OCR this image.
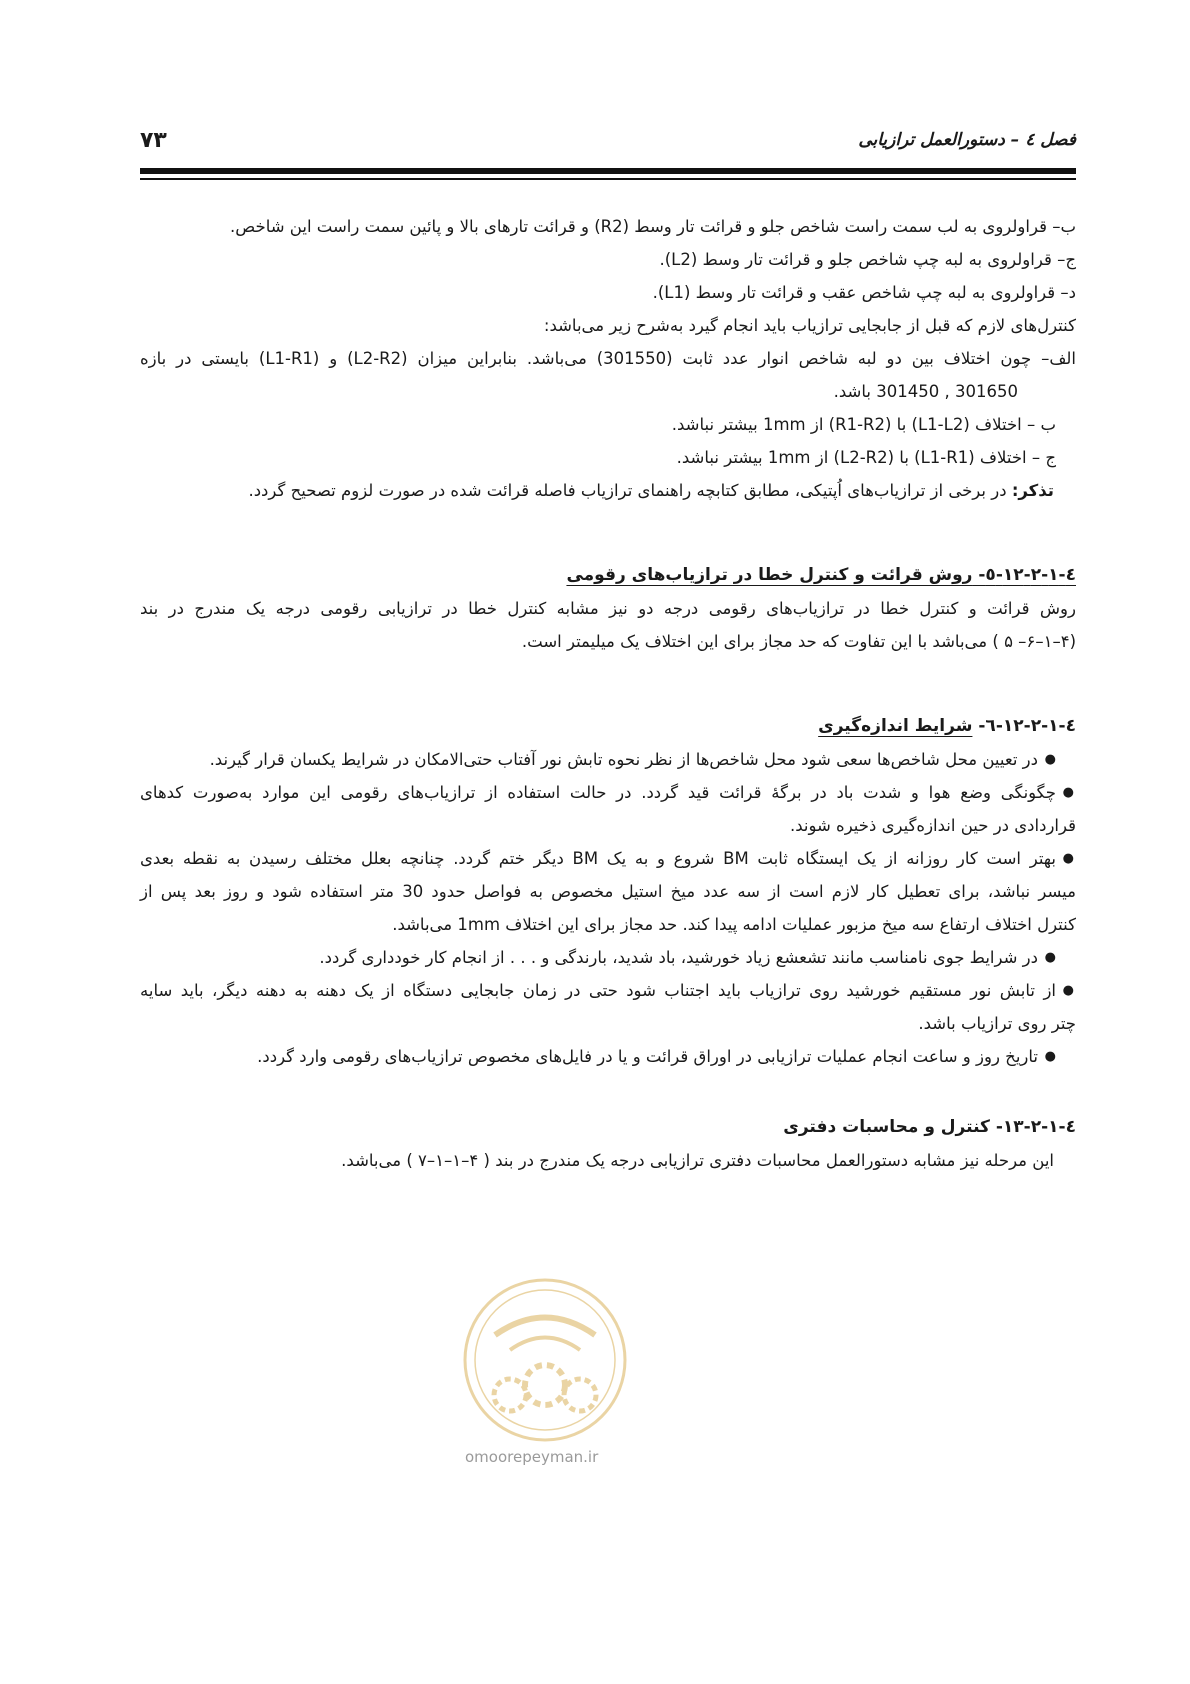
۷۳	فصل ٤ – دستورالعمل ترازیابی
ب– قراولروی به لب سمت راست شاخص جلو و قرائت تار وسط (R2) و قرائت تارهای بالا و پائین سمت راست این شاخص.
ج– قراولروی به لبه چپ شاخص جلو و قرائت تار وسط (L2).
د– قراولروی به لبه چپ شاخص عقب و قرائت تار وسط (L1).
کنترل‌های لازم که قبل از جابجایی ترازیاب باید انجام گیرد به‌شرح زیر می‌باشد:
الف– چون اختلاف بین دو لبه شاخص انوار عدد ثابت (301550) می‌باشد. بنابراین میزان (L2-R2) و (L1-R1) بایستی در بازه
301650 , 301450 باشد.
ب – اختلاف (L1-L2) با (R1-R2) از 1mm بیشتر نباشد.
ج – اختلاف (L1-R1) با (L2-R2) از 1mm بیشتر نباشد.
تذکر: در برخی از ترازیاب‌های اُپتیکی، مطابق کتابچه راهنمای ترازیاب فاصله قرائت شده در صورت لزوم تصحیح گردد.
٤-١-٢-١٢-٥- روش قرائت و کنترل خطا در ترازیاب‌های رقومی
روش قرائت و کنترل خطا در ترازیاب‌های رقومی درجه دو نیز مشابه کنترل خطا در ترازیابی رقومی درجه یک مندرج در بند
(۴–۱–۶– ۵ ) می‌باشد با این تفاوت که حد مجاز برای این اختلاف یک میلیمتر است.
٤-١-٢-١٢-٦- شرایط اندازه‌گیری
●
در تعیین محل شاخص‌ها سعی شود محل شاخص‌ها از نظر نحوه تابش نور آفتاب حتی‌الامکان در شرایط یکسان قرار گیرند.
●
چگونگی وضع هوا و شدت باد در برگهٔ قرائت قید گردد. در حالت استفاده از ترازیاب‌های رقومی این موارد به‌صورت کدهای
قراردادی در حین اندازه‌گیری ذخیره شوند.
●
بهتر است کار روزانه از یک ایستگاه ثابت BM شروع و به یک BM دیگر ختم گردد. چنانچه بعلل مختلف رسیدن به نقطه بعدی
میسر نباشد، برای تعطیل کار لازم است از سه عدد میخ استیل مخصوص به فواصل حدود 30 متر استفاده شود و روز بعد پس از
کنترل اختلاف ارتفاع سه میخ مزبور عملیات ادامه پیدا کند. حد مجاز برای این اختلاف 1mm می‌باشد.
●
در شرایط جوی نامناسب مانند تشعشع زیاد خورشید، باد شدید، بارندگی و . . . از انجام کار خودداری گردد.
●
از تابش نور مستقیم خورشید روی ترازیاب باید اجتناب شود حتی در زمان جابجایی دستگاه از یک دهنه به دهنه دیگر، باید سایه
چتر روی ترازیاب باشد.
●
تاریخ روز و ساعت انجام عملیات ترازیابی در اوراق قرائت و یا در فایل‌های مخصوص ترازیاب‌های رقومی وارد گردد.
٤-١-٢-١٣- کنترل و محاسبات دفتری
این مرحله نیز مشابه دستورالعمل محاسبات دفتری ترازیابی درجه یک مندرج در بند ( ۴–۱–۱–۷ ) می‌باشد.
omoorepeyman.ir
